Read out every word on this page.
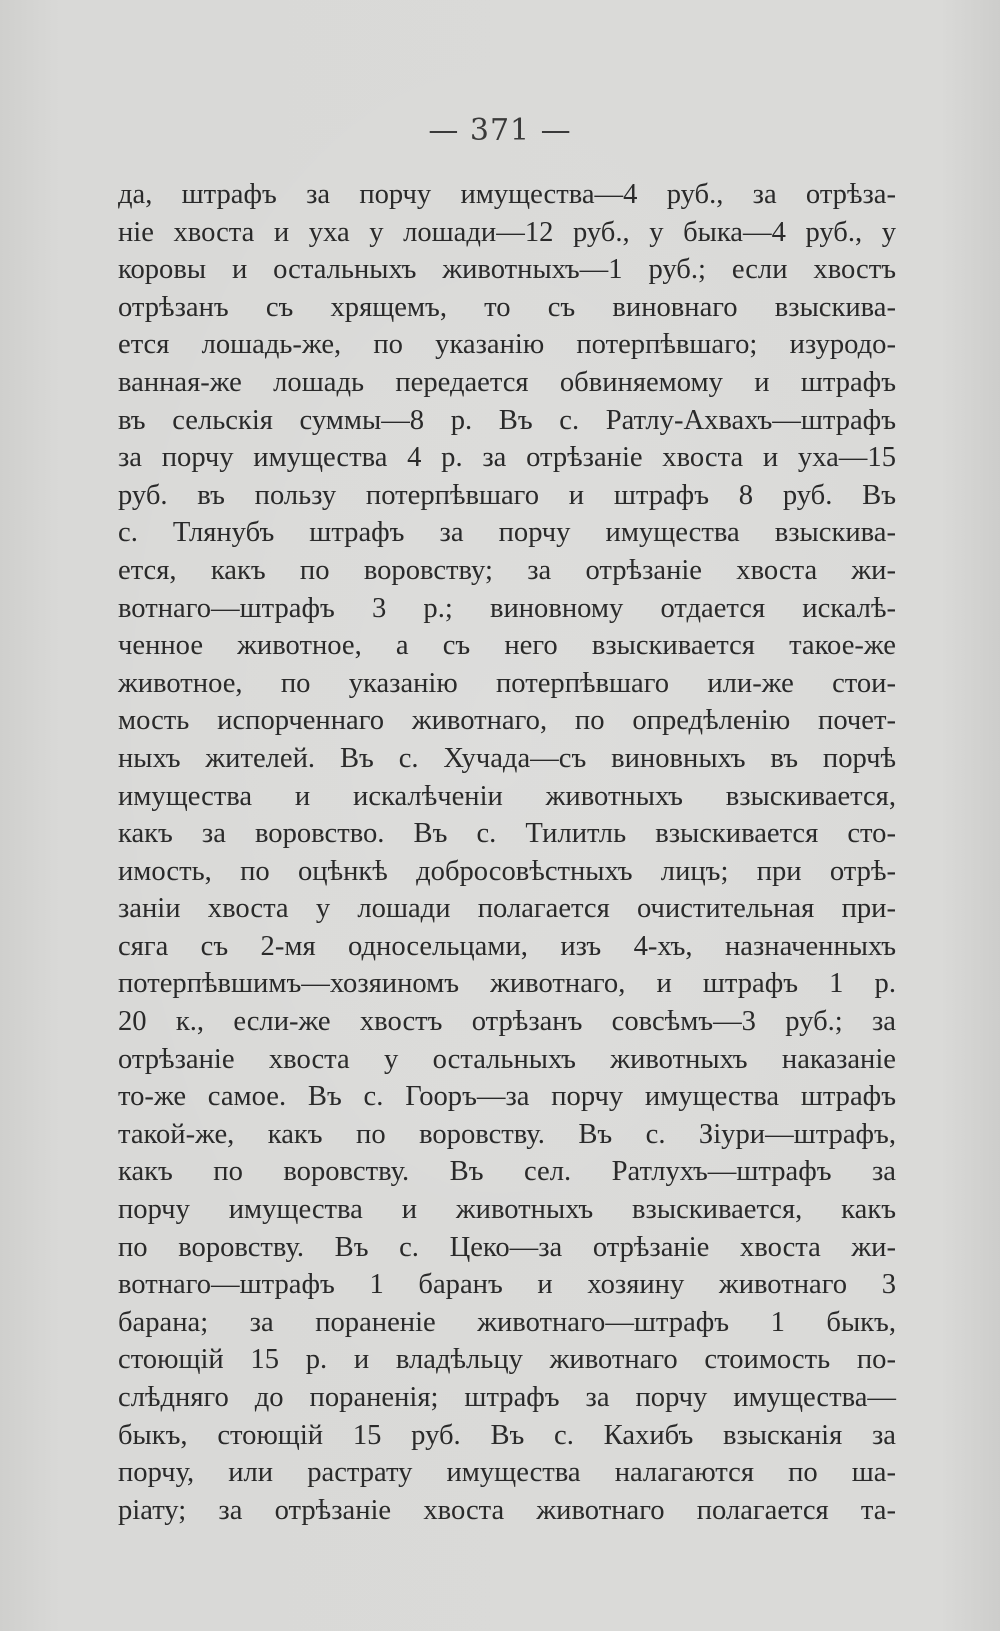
— 371 —
да, штрафъ за порчу имущества—4 руб., за отрѣза-
ніе хвоста и уха у лошади—12 руб., у быка—4 руб., у
коровы и остальныхъ животныхъ—1 руб.; если хвостъ
отрѣзанъ съ хрящемъ, то съ виновнаго взыскива-
ется лошадь-же, по указанію потерпѣвшаго; изуродо-
ванная-же лошадь передается обвиняемому и штрафъ
въ сельскія суммы—8 р. Въ с. Ратлу-Ахвахъ—штрафъ
за порчу имущества 4 р. за отрѣзаніе хвоста и уха—15
руб. въ пользу потерпѣвшаго и штрафъ 8 руб. Въ
с. Тлянубъ штрафъ за порчу имущества взыскива-
ется, какъ по воровству; за отрѣзаніе хвоста жи-
вотнаго—штрафъ 3 р.; виновному отдается искалѣ-
ченное животное, а съ него взыскивается такое-же
животное, по указанію потерпѣвшаго или-же стои-
мость испорченнаго животнаго, по опредѣленію почет-
ныхъ жителей. Въ с. Хучада—съ виновныхъ въ порчѣ
имущества и искалѣченіи животныхъ взыскивается,
какъ за воровство. Въ с. Тилитль взыскивается сто-
имость, по оцѣнкѣ добросовѣстныхъ лицъ; при отрѣ-
заніи хвоста у лошади полагается очистительная при-
сяга съ 2-мя односельцами, изъ 4-хъ, назначенныхъ
потерпѣвшимъ—хозяиномъ животнаго, и штрафъ 1 р.
20 к., если-же хвостъ отрѣзанъ совсѣмъ—3 руб.; за
отрѣзаніе хвоста у остальныхъ животныхъ наказаніе
то-же самое. Въ с. Гооръ—за порчу имущества штрафъ
такой-же, какъ по воровству. Въ с. Зіури—штрафъ,
какъ по воровству. Въ сел. Ратлухъ—штрафъ за
порчу имущества и животныхъ взыскивается, какъ
по воровству. Въ с. Цеко—за отрѣзаніе хвоста жи-
вотнаго—штрафъ 1 баранъ и хозяину животнаго 3
барана; за пораненіе животнаго—штрафъ 1 быкъ,
стоющій 15 р. и владѣльцу животнаго стоимость по-
слѣдняго до пораненія; штрафъ за порчу имущества—
быкъ, стоющій 15 руб. Въ с. Кахибъ взысканія за
порчу, или растрату имущества налагаются по ша-
ріату; за отрѣзаніе хвоста животнаго полагается та-
